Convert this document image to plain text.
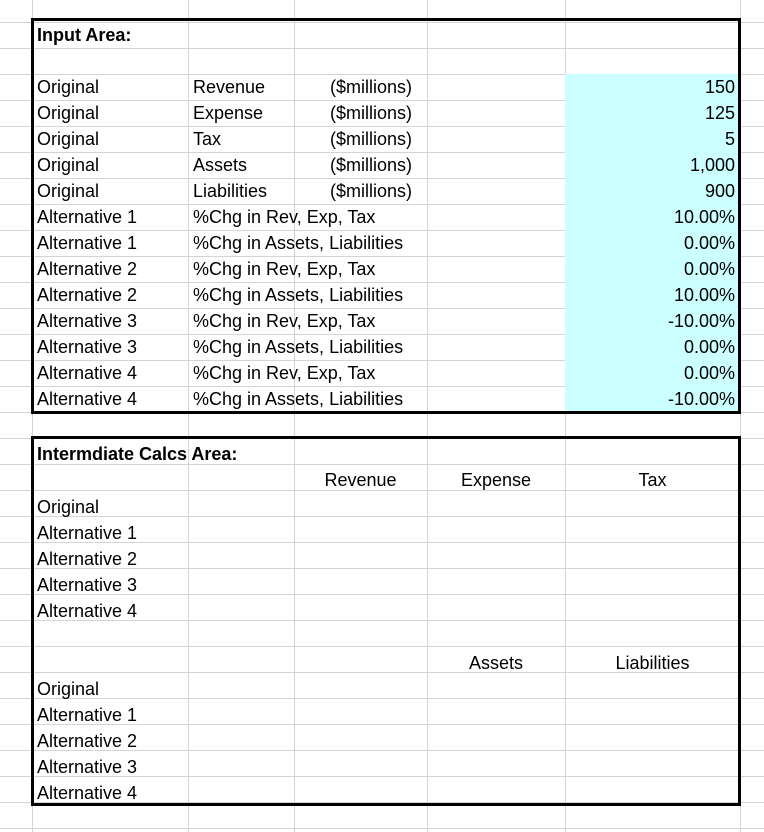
Input Area:
Original	Revenue	($millions)	150
Original	Expense	($millions)	125
Original	Tax	($millions)	5
Original	Assets	($millions)	1,000
Original	Liabilities	($millions)	900
Alternative 1	%Chg in Rev, Exp, Tax	10.00%
Alternative 1	%Chg in Assets, Liabilities	0.00%
Alternative 2	%Chg in Rev, Exp, Tax	0.00%
Alternative 2	%Chg in Assets, Liabilities	10.00%
Alternative 3	%Chg in Rev, Exp, Tax	-10.00%
Alternative 3	%Chg in Assets, Liabilities	0.00%
Alternative 4	%Chg in Rev, Exp, Tax	0.00%
Alternative 4	%Chg in Assets, Liabilities	-10.00%
Intermdiate Calcs Area:
Revenue	Expense	Tax
Original
Alternative 1
Alternative 2
Alternative 3
Alternative 4
Assets	Liabilities
Original
Alternative 1
Alternative 2
Alternative 3
Alternative 4
